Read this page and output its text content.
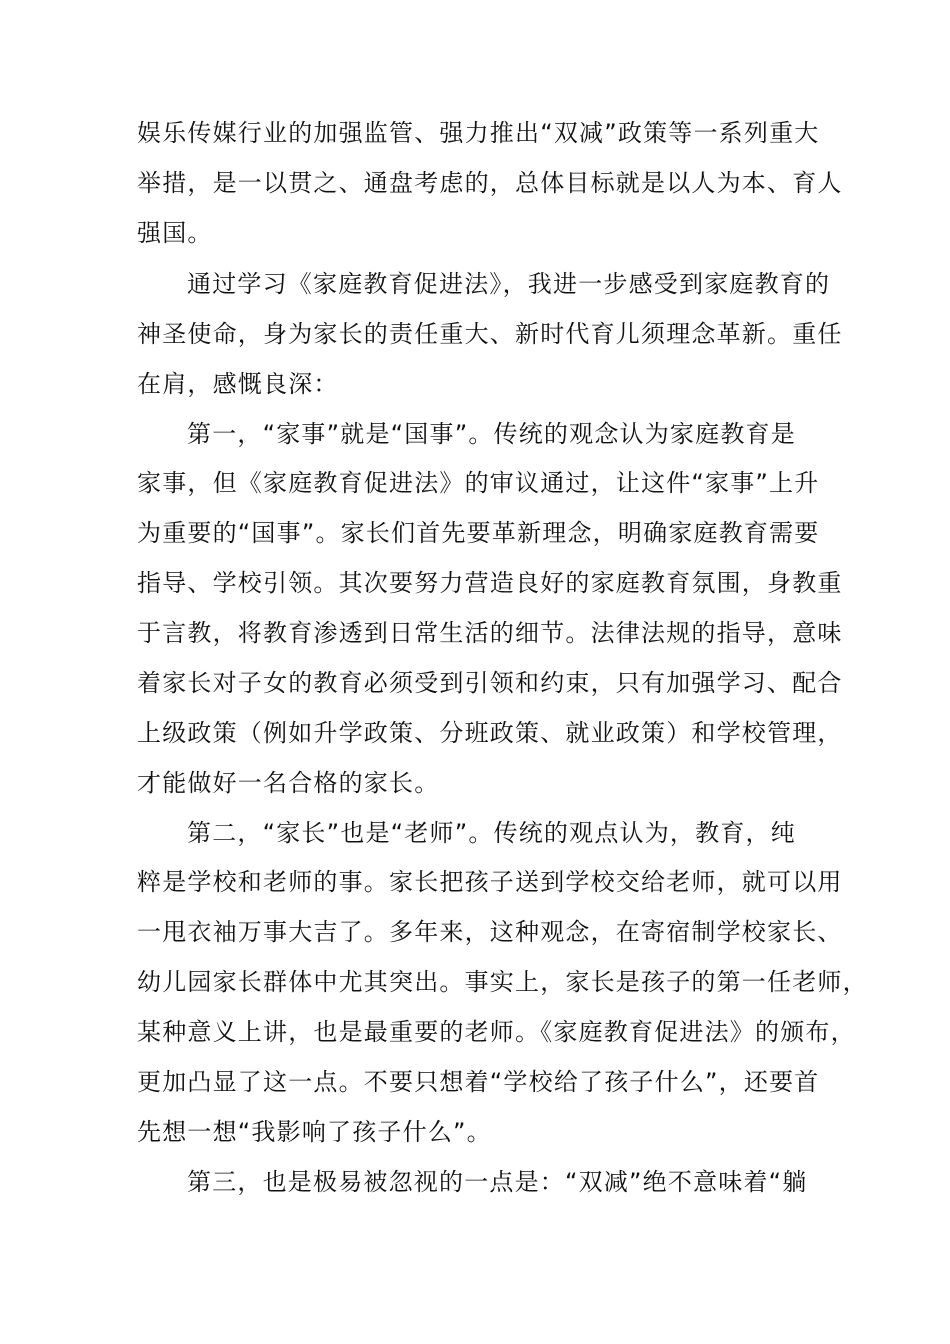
娱乐传媒行业的加强监管、强力推出“双减”政策等一系列重大
举措，是一以贯之、通盘考虑的，总体目标就是以人为本、育人
强国。
通过学习《家庭教育促进法》，我进一步感受到家庭教育的
神圣使命，身为家长的责任重大、新时代育儿须理念革新。重任
在肩，感慨良深：
第一，“家事”就是“国事”。传统的观念认为家庭教育是
家事，但《家庭教育促进法》的审议通过，让这件“家事”上升
为重要的“国事”。家长们首先要革新理念，明确家庭教育需要
指导、学校引领。其次要努力营造良好的家庭教育氛围，身教重
于言教，将教育渗透到日常生活的细节。法律法规的指导，意味
着家长对子女的教育必须受到引领和约束，只有加强学习、配合
上级政策（例如升学政策、分班政策、就业政策）和学校管理，
才能做好一名合格的家长。
第二，“家长”也是“老师”。传统的观点认为，教育，纯
粹是学校和老师的事。家长把孩子送到学校交给老师，就可以用
一甩衣袖万事大吉了。多年来，这种观念，在寄宿制学校家长、
幼儿园家长群体中尤其突出。事实上，家长是孩子的第一任老师，
某种意义上讲，也是最重要的老师。《家庭教育促进法》的颁布，
更加凸显了这一点。不要只想着“学校给了孩子什么”，还要首
先想一想“我影响了孩子什么”。
第三，也是极易被忽视的一点是：“双减”绝不意味着“躺
